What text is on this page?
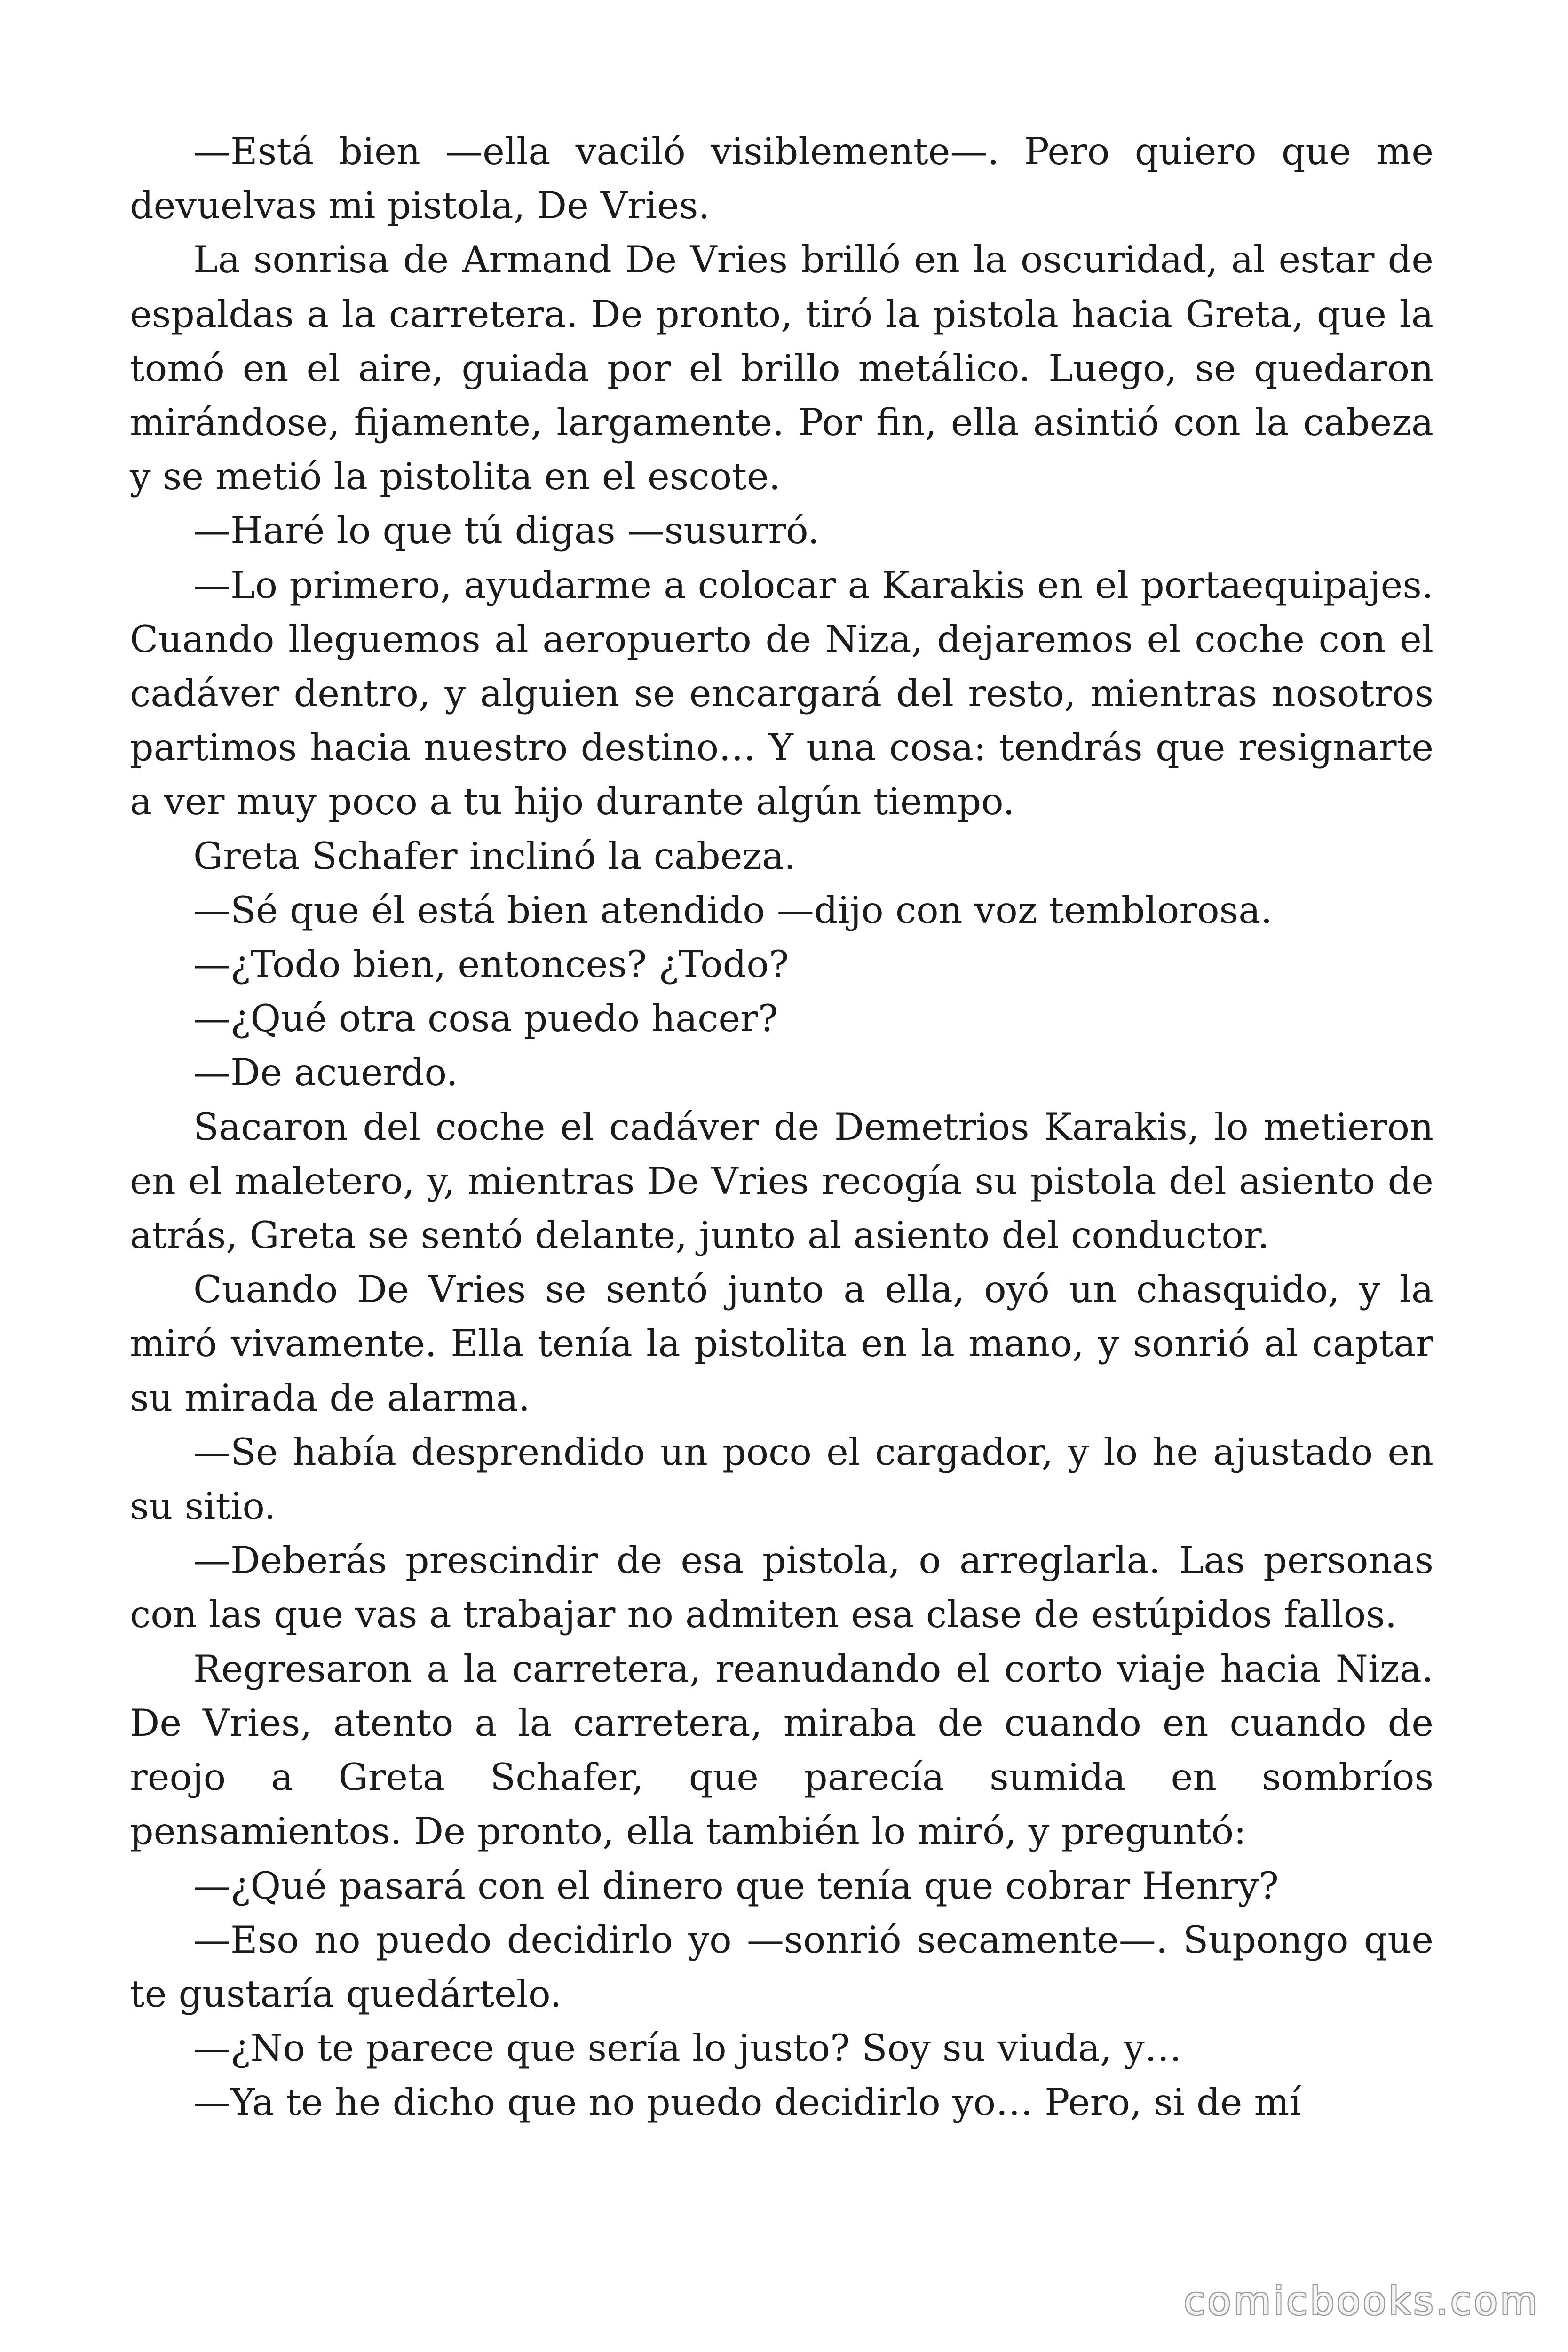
—Está bien —ella vaciló visiblemente—. Pero quiero que me devuelvas mi pistola, De Vries.

La sonrisa de Armand De Vries brilló en la oscuridad, al estar de espaldas a la carretera. De pronto, tiró la pistola hacia Greta, que la tomó en el aire, guiada por el brillo metálico. Luego, se quedaron mirándose, fijamente, largamente. Por fin, ella asintió con la cabeza y se metió la pistolita en el escote.

—Haré lo que tú digas —susurró.

—Lo primero, ayudarme a colocar a Karakis en el portaequipajes. Cuando lleguemos al aeropuerto de Niza, dejaremos el coche con el cadáver dentro, y alguien se encargará del resto, mientras nosotros partimos hacia nuestro destino… Y una cosa: tendrás que resignarte a ver muy poco a tu hijo durante algún tiempo.

Greta Schafer inclinó la cabeza.

—Sé que él está bien atendido —dijo con voz temblorosa.

—¿Todo bien, entonces? ¿Todo?

—¿Qué otra cosa puedo hacer?

—De acuerdo.

Sacaron del coche el cadáver de Demetrios Karakis, lo metieron en el maletero, y, mientras De Vries recogía su pistola del asiento de atrás, Greta se sentó delante, junto al asiento del conductor.

Cuando De Vries se sentó junto a ella, oyó un chasquido, y la miró vivamente. Ella tenía la pistolita en la mano, y sonrió al captar su mirada de alarma.

—Se había desprendido un poco el cargador, y lo he ajustado en su sitio.

—Deberás prescindir de esa pistola, o arreglarla. Las personas con las que vas a trabajar no admiten esa clase de estúpidos fallos.

Regresaron a la carretera, reanudando el corto viaje hacia Niza. De Vries, atento a la carretera, miraba de cuando en cuando de reojo a Greta Schafer, que parecía sumida en sombríos pensamientos. De pronto, ella también lo miró, y preguntó:

—¿Qué pasará con el dinero que tenía que cobrar Henry?

—Eso no puedo decidirlo yo —sonrió secamente—. Supongo que te gustaría quedártelo.

—¿No te parece que sería lo justo? Soy su viuda, y…

—Ya te he dicho que no puedo decidirlo yo… Pero, si de mí

comicbooks.com
